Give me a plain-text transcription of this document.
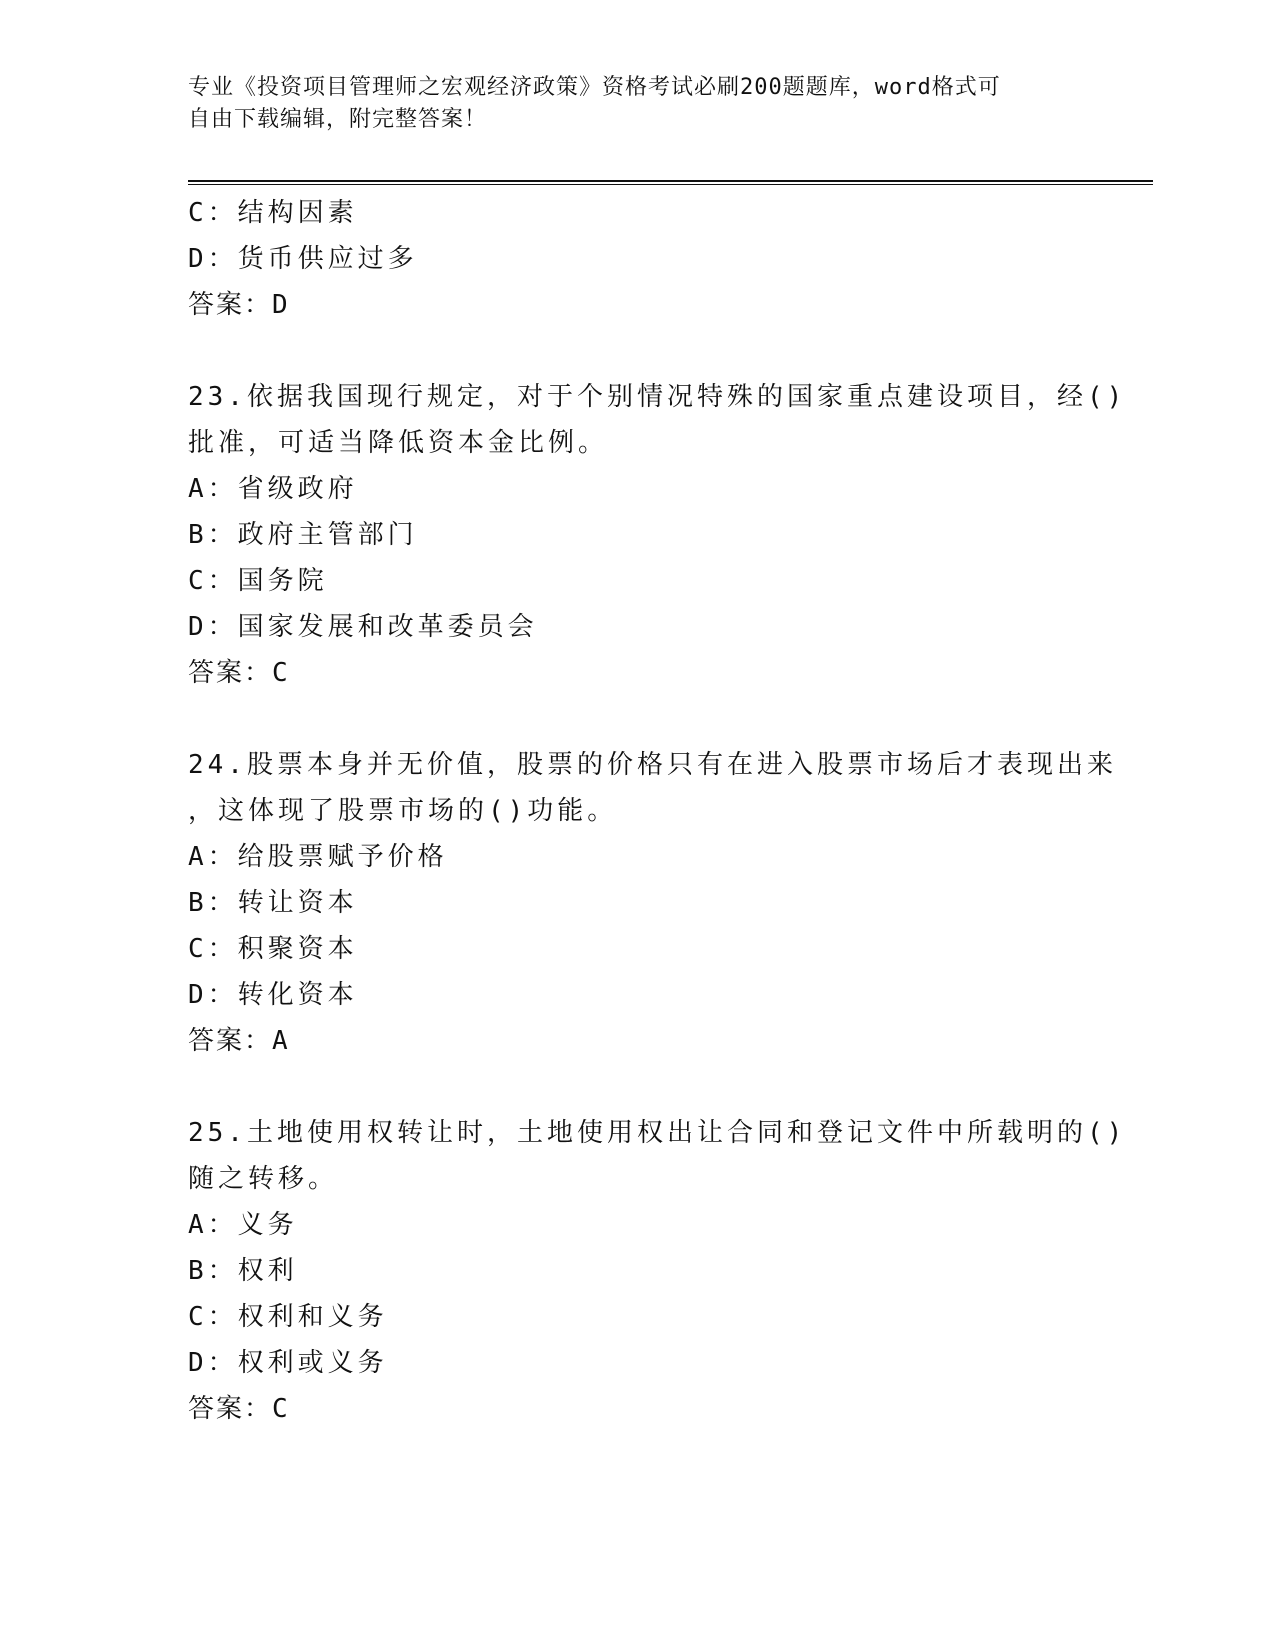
专业《投资项目管理师之宏观经济政策》资格考试必刷200题题库，word格式可
自由下载编辑，附完整答案！
C：结构因素
D：货币供应过多
答案：D
23.依据我国现行规定，对于个别情况特殊的国家重点建设项目，经()
批准，可适当降低资本金比例。
A：省级政府
B：政府主管部门
C：国务院
D：国家发展和改革委员会
答案：C
24.股票本身并无价值，股票的价格只有在进入股票市场后才表现出来
，这体现了股票市场的()功能。
A：给股票赋予价格
B：转让资本
C：积聚资本
D：转化资本
答案：A
25.土地使用权转让时，土地使用权出让合同和登记文件中所载明的()
随之转移。
A：义务
B：权利
C：权利和义务
D：权利或义务
答案：C
